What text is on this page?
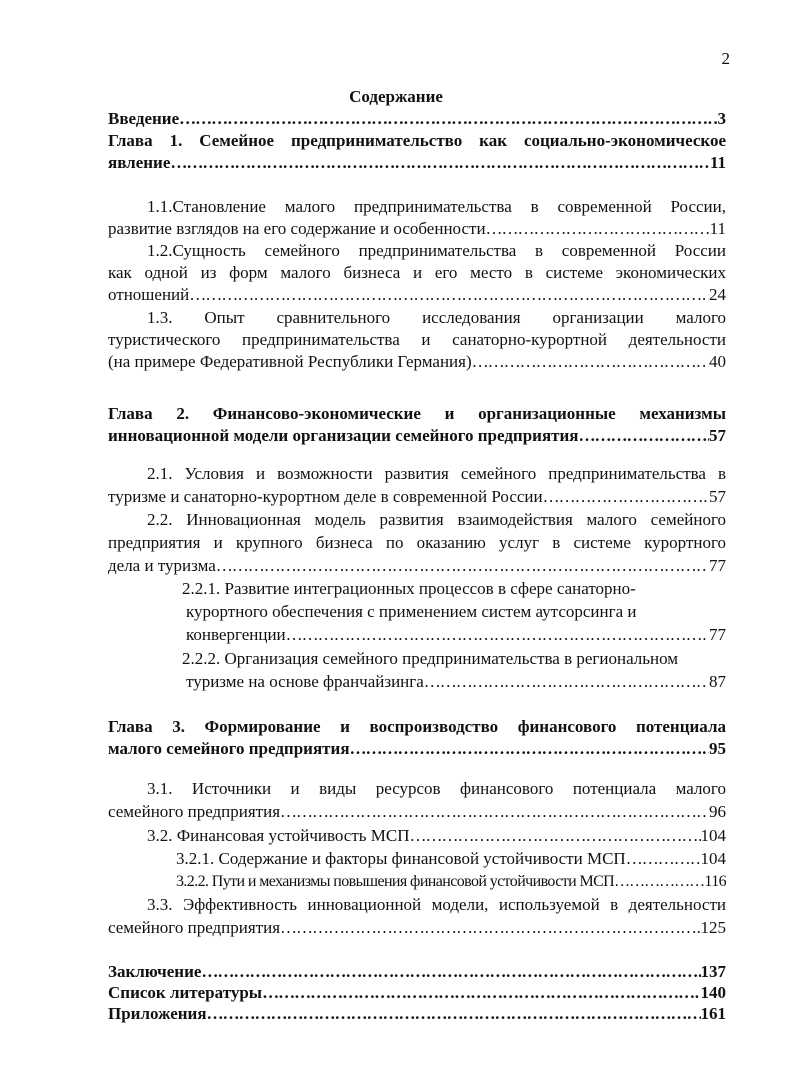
2
Содержание
Введение ………………………………………………………………………………………………………………………………………………………………………………	3
Глава 1. Семейное предпринимательство как социально-экономическое
явление ………………………………………………………………………………………………………………………………………………………………………………	11
1.1.Становление малого предпринимательства в современной России,
развитие взглядов на его содержание и особенности ………………………………………………………………………………………………………………………………………………………………………………	11
1.2.Сущность семейного предпринимательства в современной России
как одной из форм малого бизнеса и его место в системе экономических
отношений ………………………………………………………………………………………………………………………………………………………………………………	24
1.3. Опыт сравнительного исследования организации малого
туристического предпринимательства и санаторно-курортной деятельности
(на примере Федеративной Республики Германия) ………………………………………………………………………………………………………………………………………………………………………………	40
Глава 2. Финансово-экономические и организационные механизмы
инновационной модели организации семейного предприятия ………………………………………………………………………………………………………………………………………………………………………………	57
2.1. Условия и возможности развития семейного предпринимательства в
туризме и санаторно-курортном деле в современной России ………………………………………………………………………………………………………………………………………………………………………………	57
2.2. Инновационная модель развития взаимодействия малого семейного
предприятия и крупного бизнеса по оказанию услуг в системе курортного
дела и туризма ………………………………………………………………………………………………………………………………………………………………………………	77
2.2.1. Развитие интеграционных процессов в сфере санаторно-
курортного обеспечения с применением систем аутсорсинга и
конвергенции ………………………………………………………………………………………………………………………………………………………………………………	77
2.2.2. Организация семейного предпринимательства в региональном
туризме на основе франчайзинга ………………………………………………………………………………………………………………………………………………………………………………	87
Глава 3. Формирование и воспроизводство финансового потенциала
малого семейного предприятия ………………………………………………………………………………………………………………………………………………………………………………	95
3.1. Источники и виды ресурсов финансового потенциала малого
семейного предприятия ………………………………………………………………………………………………………………………………………………………………………………	96
3.2. Финансовая устойчивость МСП ………………………………………………………………………………………………………………………………………………………………………………	104
3.2.1. Содержание и факторы финансовой устойчивости МСП ………………………………………………………………………………………………………………………………………………………………………………	104
3.2.2. Пути и механизмы повышения финансовой устойчивости МСП ………………………………………………………………………………………………………………………………………………………………………………	116
3.3. Эффективность инновационной модели, используемой в деятельности
семейного предприятия ………………………………………………………………………………………………………………………………………………………………………………	125
Заключение ………………………………………………………………………………………………………………………………………………………………………………	137
Список литературы ………………………………………………………………………………………………………………………………………………………………………………	140
Приложения ………………………………………………………………………………………………………………………………………………………………………………	161
